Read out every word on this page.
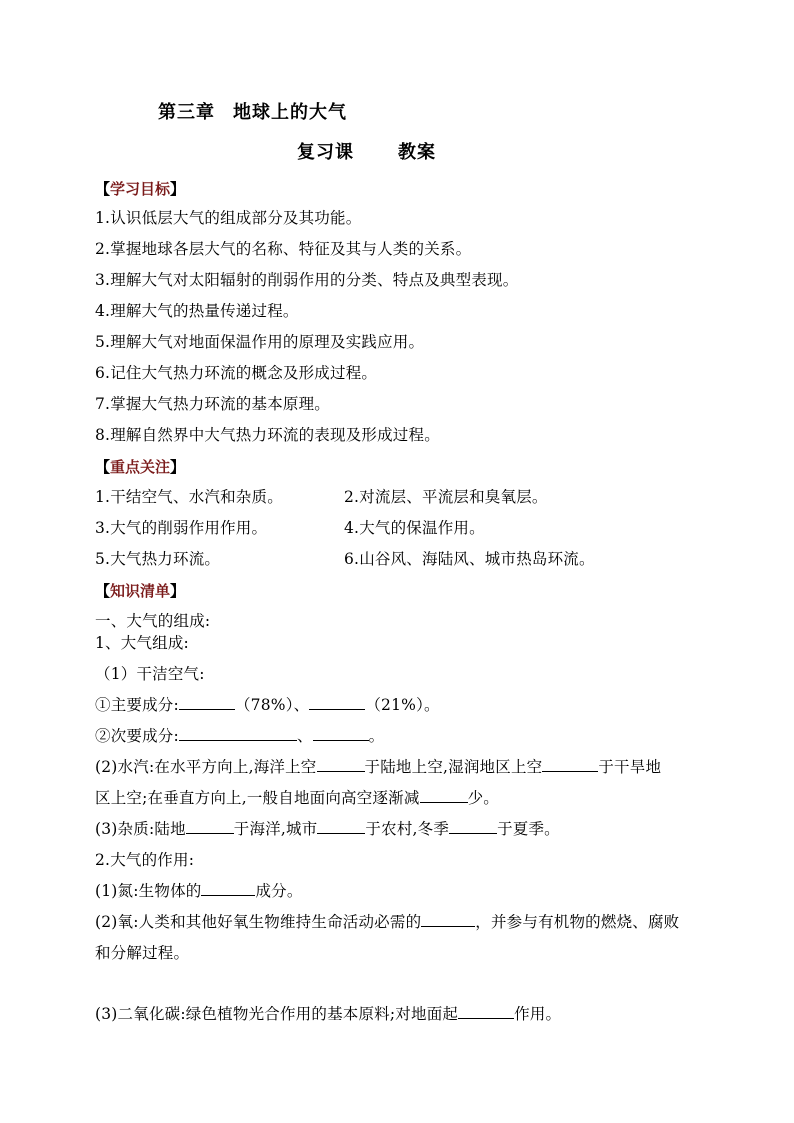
第三章 地球上的大气
复习课 教案
【学习目标】
1.认识低层大气的组成部分及其功能。
2.掌握地球各层大气的名称、特征及其与人类的关系。
3.理解大气对太阳辐射的削弱作用的分类、特点及典型表现。
4.理解大气的热量传递过程。
5.理解大气对地面保温作用的原理及实践应用。
6.记住大气热力环流的概念及形成过程。
7.掌握大气热力环流的基本原理。
8.理解自然界中大气热力环流的表现及形成过程。
【重点关注】
1.干结空气、水汽和杂质。	2.对流层、平流层和臭氧层。
3.大气的削弱作用作用。	4.大气的保温作用。
5.大气热力环流。	6.山谷风、海陆风、城市热岛环流。
【知识清单】
一、大气的组成:
1、大气组成:
（1）干洁空气:
①主要成分:	（78%）、	（21%）。
②次要成分:	、	。
(2)水汽:在水平方向上,海洋上空	于陆地上空,湿润地区上空	于干旱地
区上空;在垂直方向上,一般自地面向高空逐渐减	少。
(3)杂质:陆地	于海洋,城市	于农村,冬季	于夏季。
2.大气的作用:
(1)氮:生物体的	成分。
(2)氧:人类和其他好氧生物维持生命活动必需的	，并参与有机物的燃烧、腐败
和分解过程。
(3)二氧化碳:绿色植物光合作用的基本原料;对地面起	作用。
